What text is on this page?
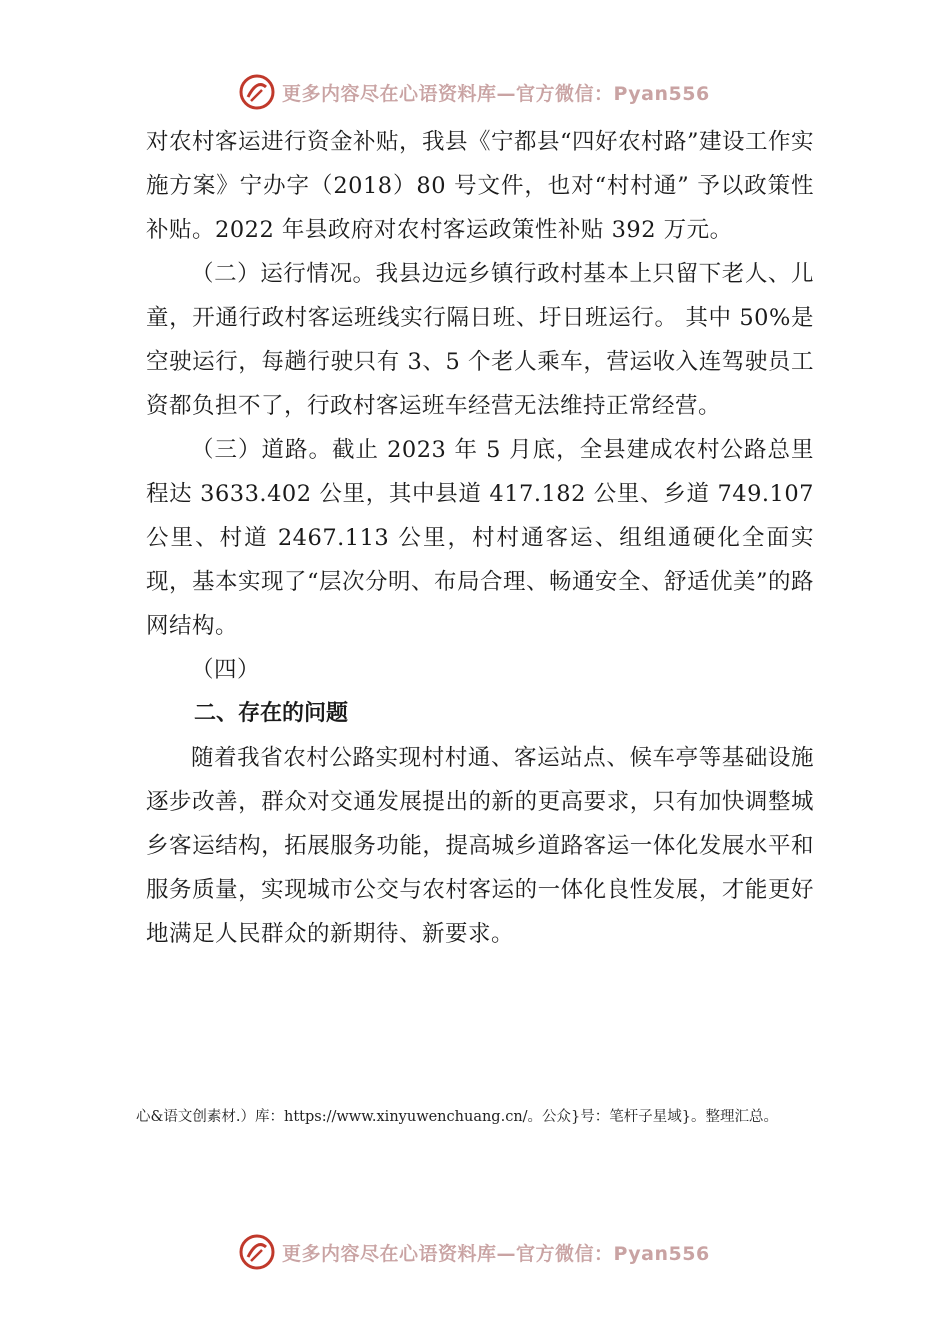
更多内容尽在心语资料库—官方微信：Pyan556

对农村客运进行资金补贴，我县《宁都县“四好农村路”建设工作实施方案》宁办字（2018）80 号文件，也对“村村通” 予以政策性补贴。2022 年县政府对农村客运政策性补贴 392 万元。

（二）运行情况。我县边远乡镇行政村基本上只留下老人、儿童，开通行政村客运班线实行隔日班、圩日班运行。 其中 50%是空驶运行，每趟行驶只有 3、5 个老人乘车，营运收入连驾驶员工资都负担不了，行政村客运班车经营无法维持正常经营。

（三）道路。截止 2023 年 5 月底，全县建成农村公路总里程达 3633.402 公里，其中县道 417.182 公里、乡道 749.107 公里、村道 2467.113 公里，村村通客运、组组通硬化全面实现，基本实现了“层次分明、布局合理、畅通安全、舒适优美”的路网结构。

（四）

二、存在的问题

随着我省农村公路实现村村通、客运站点、候车亭等基础设施逐步改善，群众对交通发展提出的新的更高要求，只有加快调整城乡客运结构，拓展服务功能，提高城乡道路客运一体化发展水平和服务质量，实现城市公交与农村客运的一体化良性发展，才能更好地满足人民群众的新期待、新要求。

心&语文创素材.）库：https://www.xinyuwenchuang.cn/。公众}号：笔杆子星域}。整理汇总。
更多内容尽在心语资料库—官方微信：Pyan556
